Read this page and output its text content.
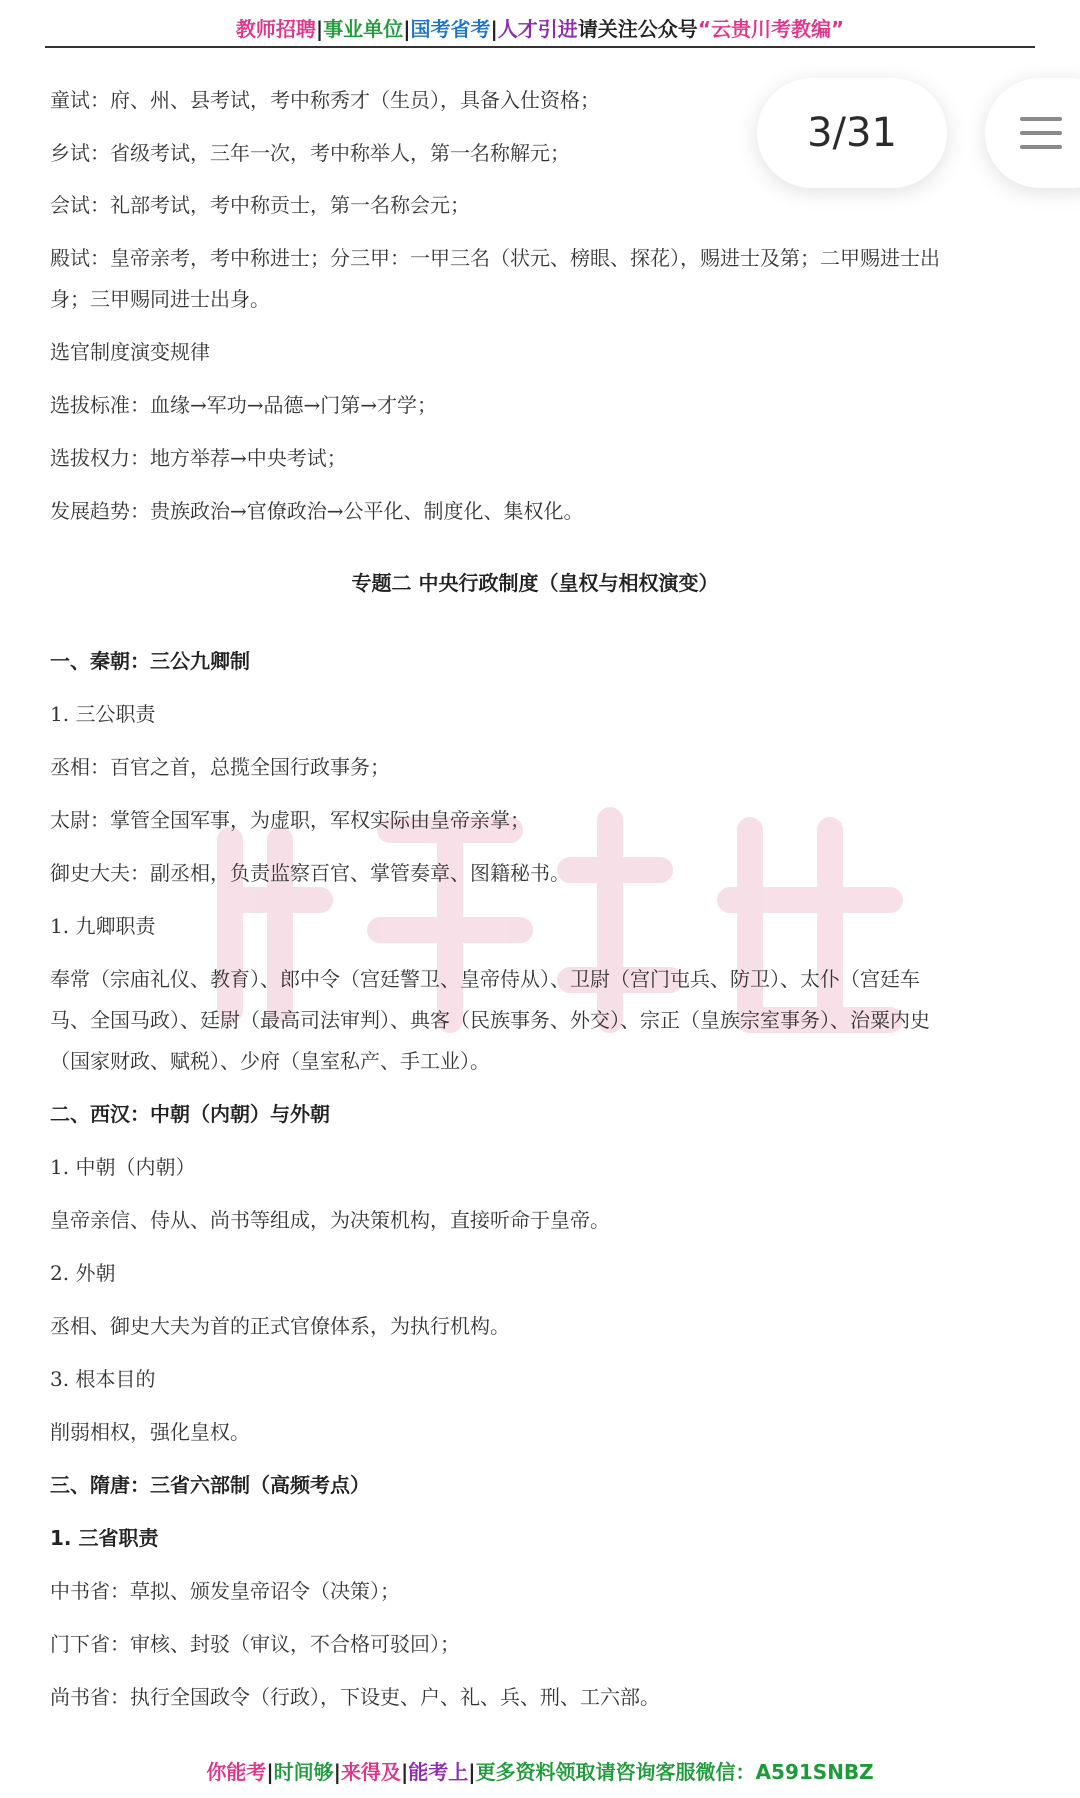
教师招聘|事业单位|国考省考|人才引进请关注公众号“云贵川考教编”
3/31
童试：府、州、县考试，考中称秀才（生员），具备入仕资格；
乡试：省级考试，三年一次，考中称举人，第一名称解元；
会试：礼部考试，考中称贡士，第一名称会元；
殿试：皇帝亲考，考中称进士；分三甲：一甲三名（状元、榜眼、探花），赐进士及第；二甲赐进士出
身；三甲赐同进士出身。
选官制度演变规律
选拔标准：血缘→军功→品德→门第→才学；
选拔权力：地方举荐→中央考试；
发展趋势：贵族政治→官僚政治→公平化、制度化、集权化。
专题二 中央行政制度（皇权与相权演变）
一、秦朝：三公九卿制
1. 三公职责
丞相：百官之首，总揽全国行政事务；
太尉：掌管全国军事，为虚职，军权实际由皇帝亲掌；
御史大夫：副丞相，负责监察百官、掌管奏章、图籍秘书。
1. 九卿职责
奉常（宗庙礼仪、教育）、郎中令（宫廷警卫、皇帝侍从）、卫尉（宫门屯兵、防卫）、太仆（宫廷车
马、全国马政）、廷尉（最高司法审判）、典客（民族事务、外交）、宗正（皇族宗室事务）、治粟内史
（国家财政、赋税）、少府（皇室私产、手工业）。
二、西汉：中朝（内朝）与外朝
1. 中朝（内朝）
皇帝亲信、侍从、尚书等组成，为决策机构，直接听命于皇帝。
2. 外朝
丞相、御史大夫为首的正式官僚体系，为执行机构。
3. 根本目的
削弱相权，强化皇权。
三、隋唐：三省六部制（高频考点）
1. 三省职责
中书省：草拟、颁发皇帝诏令（决策）；
门下省：审核、封驳（审议，不合格可驳回）；
尚书省：执行全国政令（行政），下设吏、户、礼、兵、刑、工六部。
你能考|时间够|来得及|能考上|更多资料领取请咨询客服微信：A591SNBZ
